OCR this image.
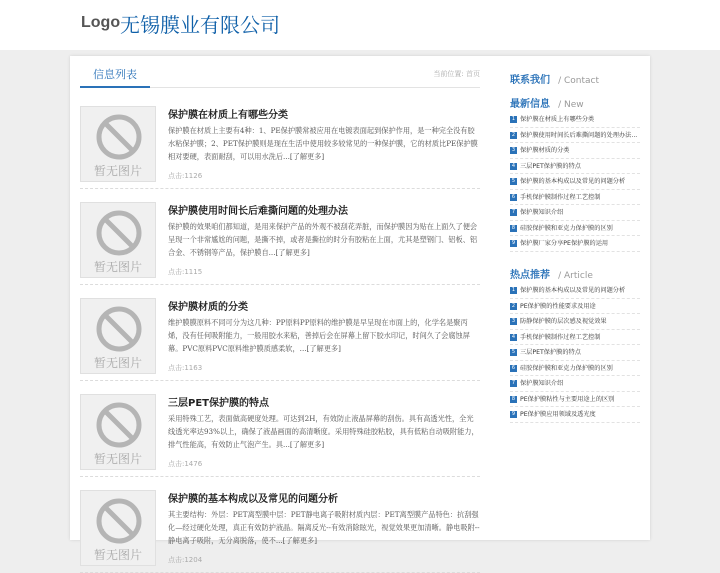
Logo 无锡膜业有限公司
信息列表	当前位置: 首页
暂无图片
保护膜在材质上有哪些分类
保护膜在材质上主要有4种：1、PE保护膜常被应用在电镀表面起到保护作用，是一种完全没有胶水粘保护膜；2、PET保护膜则是现在生活中使用较多较常见的一种保护膜，它的材质比PE保护膜相对要硬，表面耐刮，可以用水洗后...[了解更多]
点击:1126
暂无图片
保护膜使用时间长后难撕问题的处理办法
保护膜的效果咱们都知道，是用来保护产品的外观不被刮花弄脏，而保护膜因为贴在上面久了便会呈现一个非常尴尬的问题，是撕不掉，或者是撕拉的时分有胶粘在上面，尤其是塑钢门、铝板、铝合金、不锈钢等产品，保护膜自...[了解更多]
点击:1115
暂无图片
保护膜材质的分类
维护膜膜原料不同可分为这几种：PP原料PP原料的维护膜是早呈现在市面上的，化学名是聚丙烯，没有任何吸附能力，一般用胶水来粘，善掉后会在屏幕上留下胶水印记，时间久了会腐蚀屏幕。PVC原料PVC原料维护膜质感柔软，...[了解更多]
点击:1163
暂无图片
三层PET保护膜的特点
采用特殊工艺，表面做高硬度处理。可达到2H，有效防止液晶屏幕的刮伤。具有高透光性，全光线透光率达93%以上，确保了液晶画面的高清晰度。采用特殊硅胶粘胶，具有低粘自动吸附能力，排气性能高，有效防止气泡产生。具...[了解更多]
点击:1476
暂无图片
保护膜的基本构成以及常见的问题分析
其主要结构：外层：PET离型膜中层：PET静电离子吸附材质内层：PET离型膜产品特色：抗刮强化—经过硬化处理，真正有效防护液晶。隔离反光--有效消除眩光，视觉效果更加清晰。静电吸附--静电离子吸附，无分离脱落，使不...[了解更多]
点击:1204
联系我们 / Contact
最新信息 / New
1 保护膜在材质上有哪些分类
2 保护膜使用时间长后难撕问题的处理办法...
3 保护膜材质的分类
4 三层PET保护膜的特点
5 保护膜的基本构成以及常见的问题分析
6 手机保护膜制作过程工艺控制
7 保护膜知识介绍
8 硅胶保护膜和亚克力保护膜的区别
9 保护膜厂家分享PE保护膜的运用
热点推荐 / Article
1 保护膜的基本构成以及常见的问题分析
2 PE保护膜的性能要求及用途
3 防静保护膜的层次感及视觉效果
4 手机保护膜制作过程工艺控制
5 三层PET保护膜的特点
6 硅胶保护膜和亚克力保护膜的区别
7 保护膜知识介绍
8 PE保护膜粘性与主要用途上的区别
9 PE保护膜应用领域及透光度
